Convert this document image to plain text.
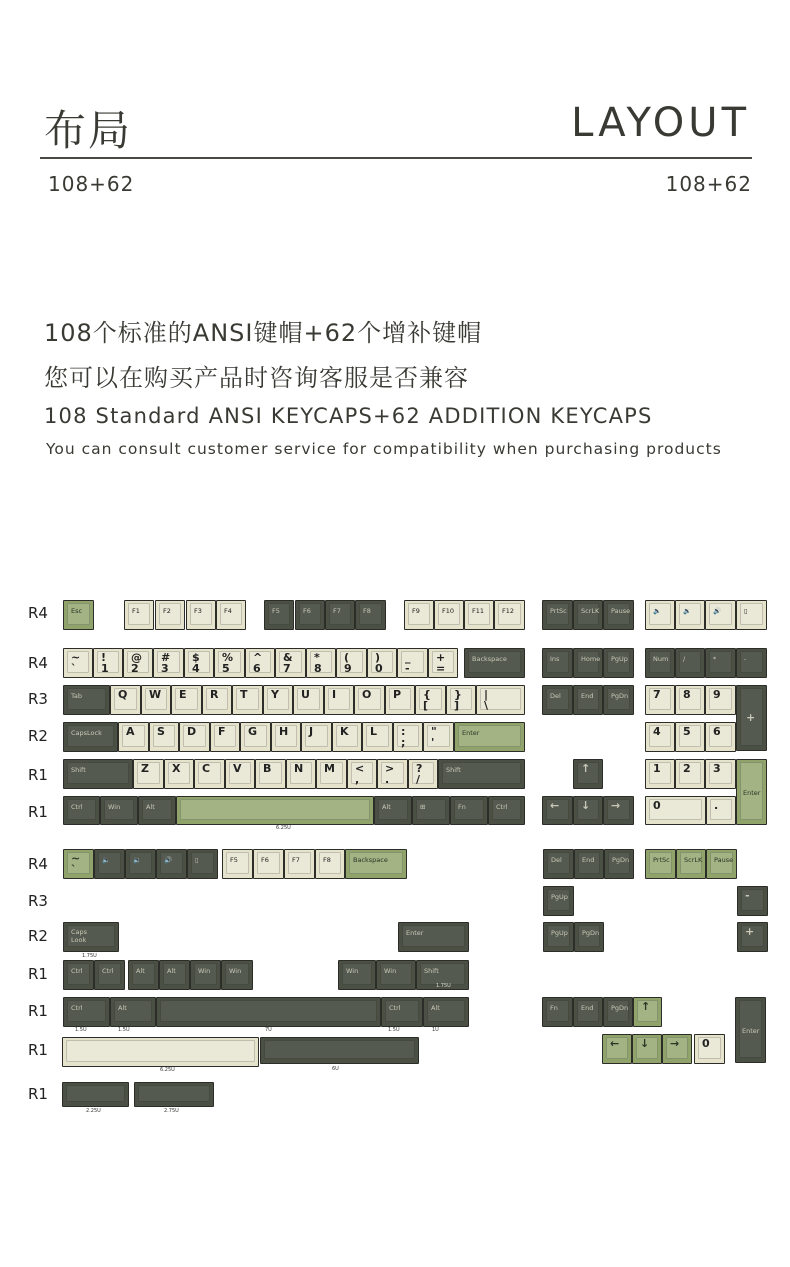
布局	LAYOUT
108+62	108+62
108个标准的ANSI键帽+62个增补键帽
您可以在购买产品时咨询客服是否兼容
108 Standard ANSI KEYCAPS+62 ADDITION KEYCAPS
You can consult customer service for compatibility when purchasing products
R4
R4
R3
R2
R1
R1
R4
R3
R2
R1
R1
R1
R1
Esc	F1	F2	F3	F4	F5	F6	F7	F8	F9	F10	F11	F12	PrtSc ScrLK Pause	🔈	🔉	🔊	▯
~
`
!
1
@
2
#
3
$
4
%
5
^
6
&
7
*
8
(
9
)
0
_
-
+
=
Backspace	Ins	Home PgUp	Num /	*	-
Tab	Q W E R T Y U I O P {
[
}
]
|
\
Del	End	PgDn 7 8 9
+
CapsLock A S D F G H J K L :
;
"
'
Enter	4 5 6
Shift	Z X C V B N M <
,
>
.
?
/
Shift	↑	1 2 3
Enter
Ctrl	Win	Alt
6.25U
Alt	⊞	Fn	Ctrl	← ↓ →	0	.
~
`
🔈	🔉	🔊	▯	F5	F6	F7	F8	Backspace	Del	End	PgDn	PrtSc ScrLK Pause
PgUp	-
Caps
Look
1.75U
Enter	PgUp PgDn	+
Ctrl	Ctrl	Alt	Alt	Win	Win	Win	Win	Shift
1.75U
Ctrl
1.5U
Alt
1.5U	7U
Ctrl
1.5U
Alt
1U
Fn	End	PgDn ↑
Enter
6.25U	6U
← ↓ → 0
2.25U	2.75U
